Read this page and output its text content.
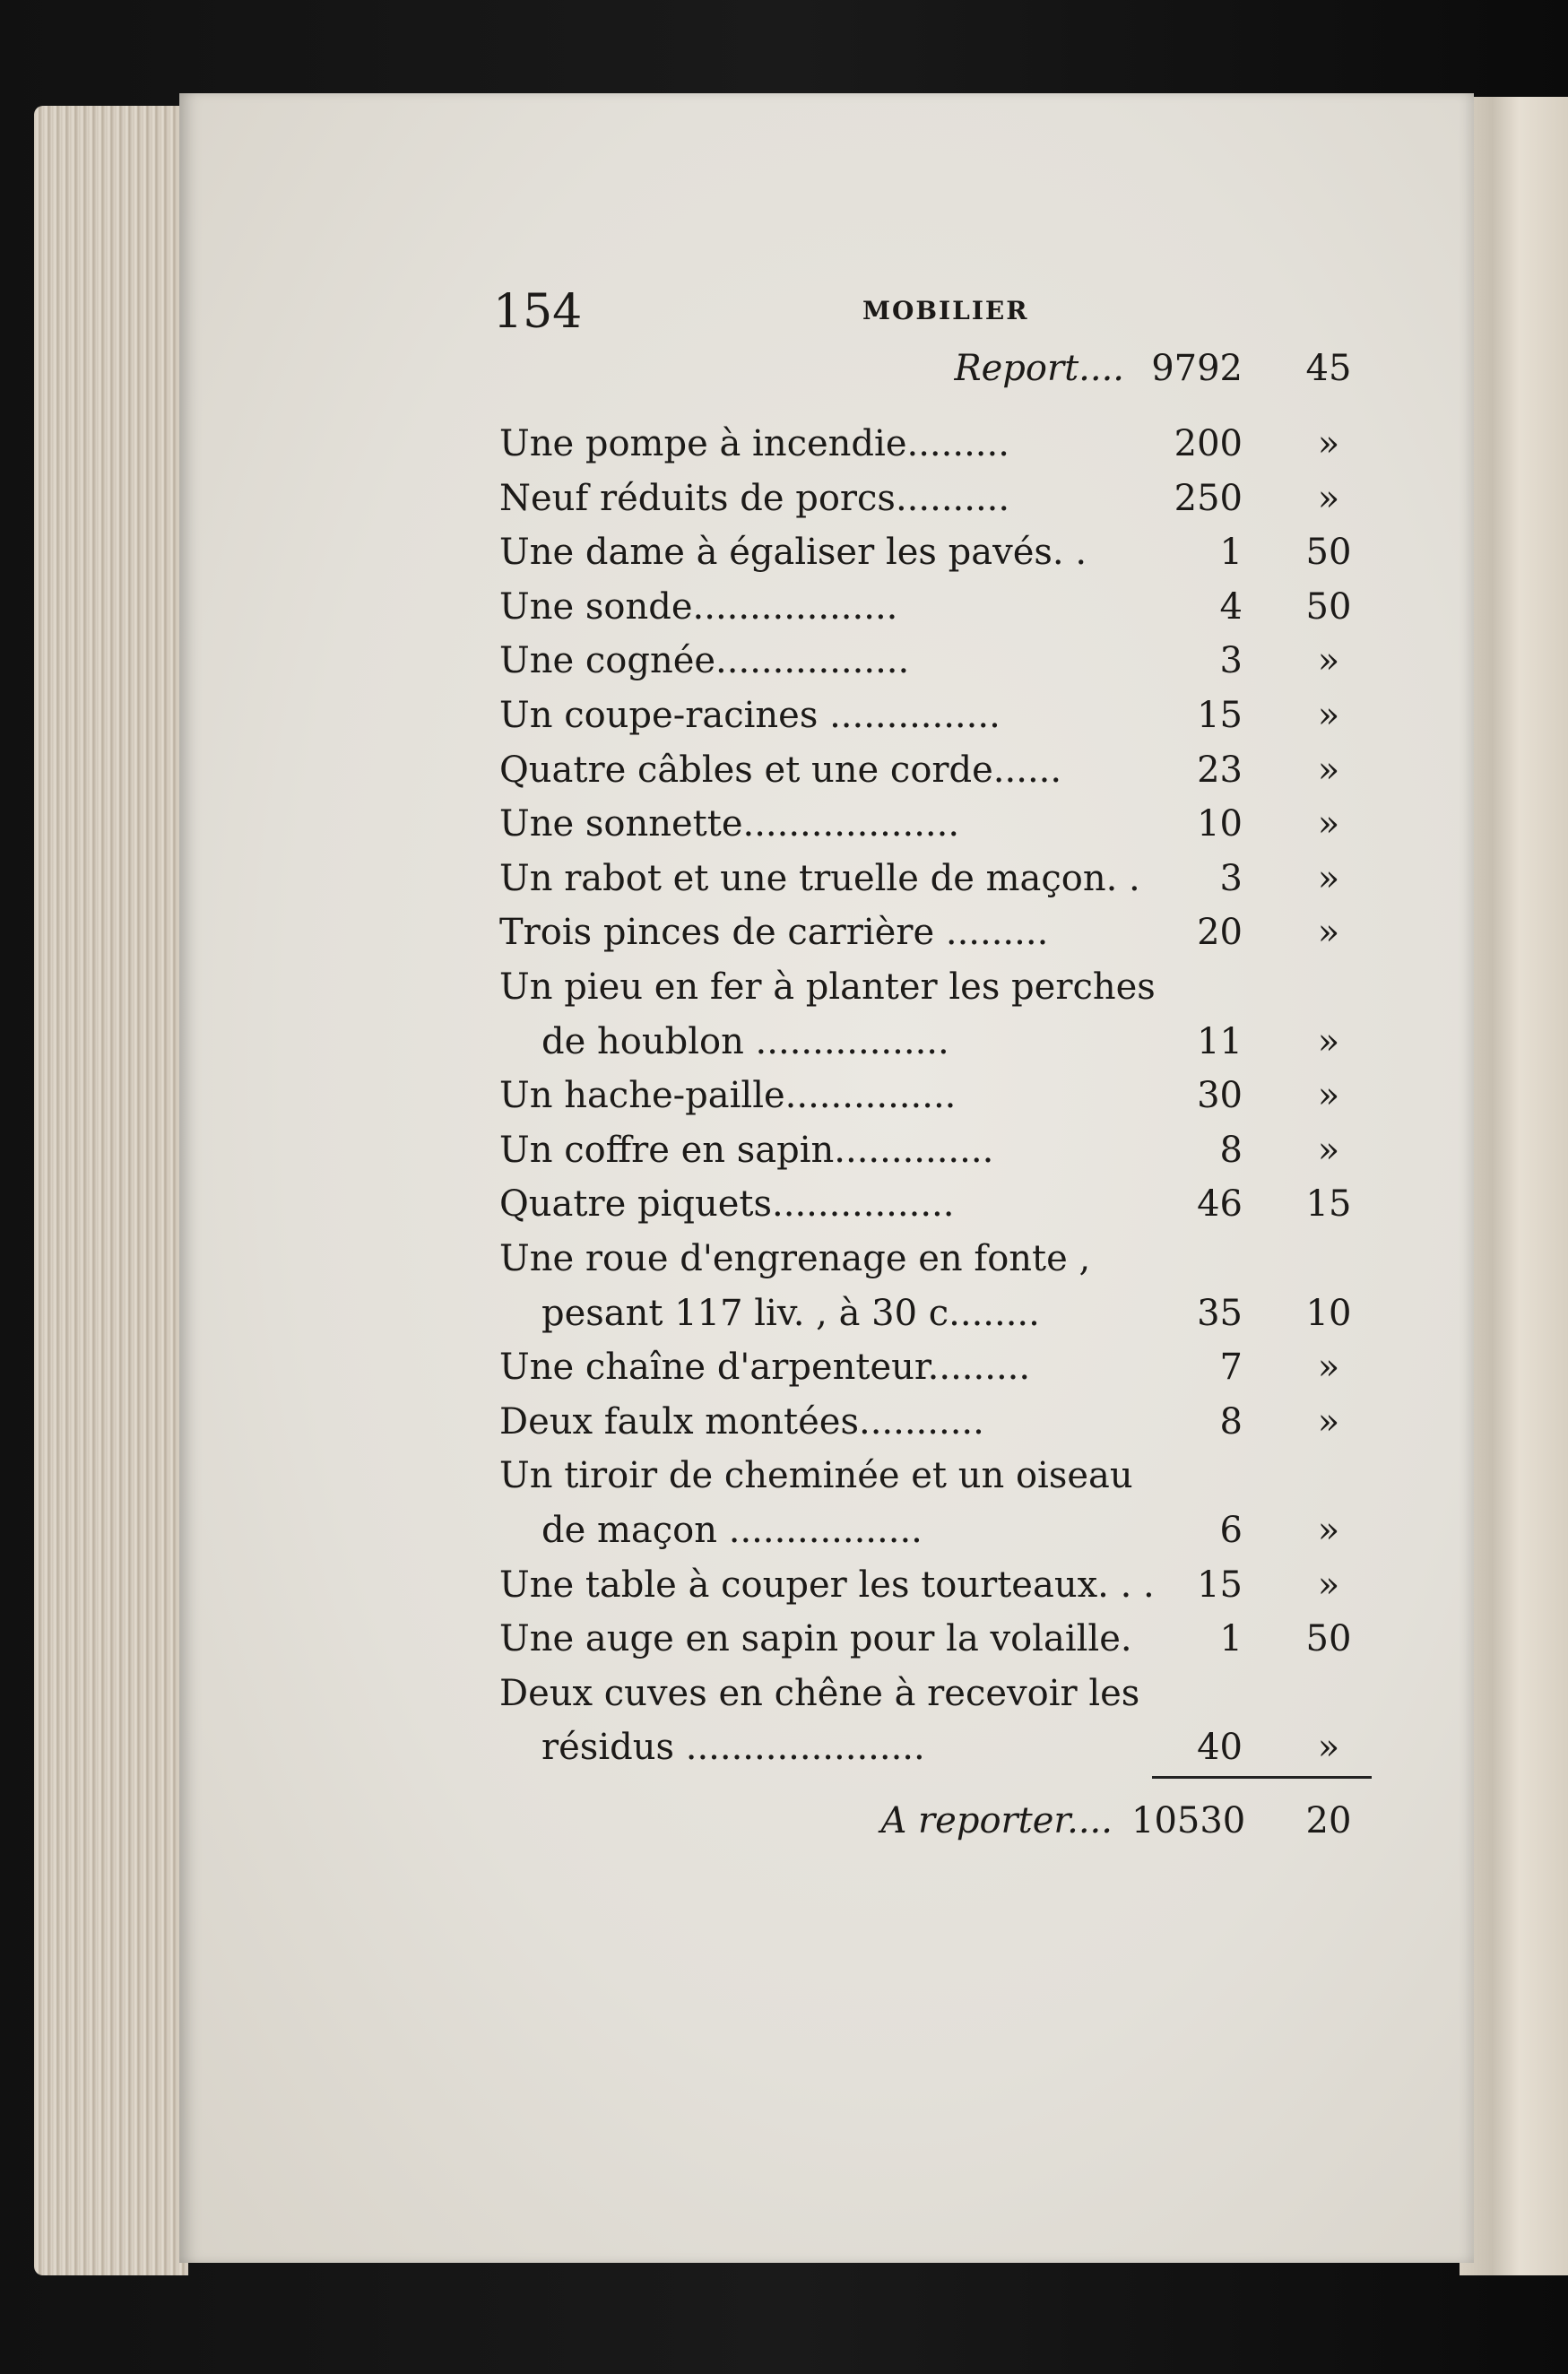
154	MOBILIER
Report.... 9792	45
Une pompe à incendie.........	200	»
Neuf réduits de porcs..........	250	»
Une dame à égaliser les pavés. .	1	50
Une sonde..................	4	50
Une cognée.................	3	»
Un coupe-racines ...............	15	»
Quatre câbles et une corde......	23	»
Une sonnette...................	10	»
Un rabot et une truelle de maçon. .	3	»
Trois pinces de carrière .........	20	»
Un pieu en fer à planter les perches
de houblon .................	11	»
Un hache-paille...............	30	»
Un coffre en sapin..............	8	»
Quatre piquets................	46	15
Une roue d'engrenage en fonte ,
pesant 117 liv. , à 30 c........	35	10
Une chaîne d'arpenteur.........	7	»
Deux faulx montées...........	8	»
Un tiroir de cheminée et un oiseau
de maçon .................	6	»
Une table à couper les tourteaux. . .	15	»
Une auge en sapin pour la volaille.	1	50
Deux cuves en chêne à recevoir les
résidus .....................	40	»
A reporter.... 10530	20
